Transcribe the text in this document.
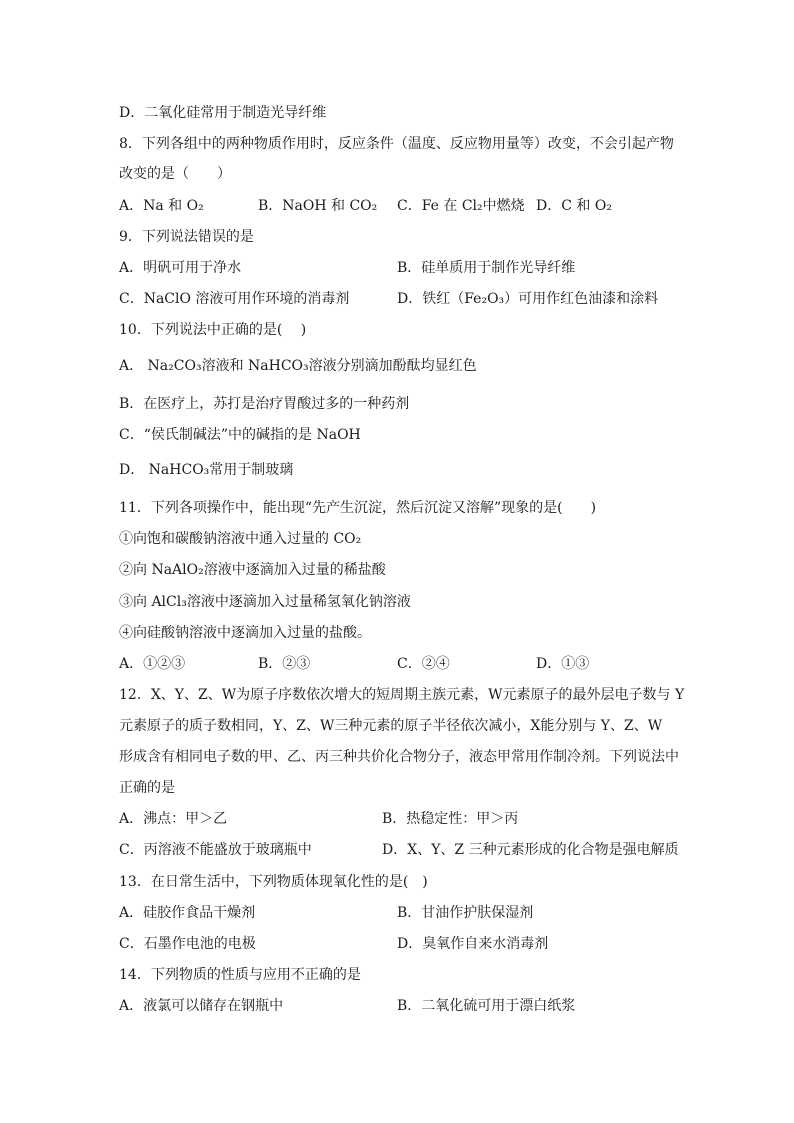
D．二氧化硅常用于制造光导纤维
8．下列各组中的两种物质作用时，反应条件（温度、反应物用量等）改变，不会引起产物
改变的是（　　）
A．Na 和 O₂	B．NaOH 和 CO₂ C．Fe 在 Cl₂中燃烧 D．C 和 O₂
9．下列说法错误的是
A．明矾可用于净水	B．硅单质用于制作光导纤维
C．NaClO 溶液可用作环境的消毒剂	D．铁红（Fe₂O₃）可用作红色油漆和涂料
10．下列说法中正确的是(　 )
A． Na₂CO₃溶液和 NaHCO₃溶液分别滴加酚酞均显红色
B．在医疗上，苏打是治疗胃酸过多的一种药剂
C．“侯氏制碱法”中的碱指的是 NaOH
D． NaHCO₃常用于制玻璃
11．下列各项操作中，能出现“先产生沉淀，然后沉淀又溶解”现象的是(　　)
①向饱和碳酸钠溶液中通入过量的 CO₂
②向 NaAlO₂溶液中逐滴加入过量的稀盐酸
③向 AlCl₃溶液中逐滴加入过量稀氢氧化钠溶液
④向硅酸钠溶液中逐滴加入过量的盐酸。
A．①②③	B．②③	C．②④	D．①③
12．X、Y、Z、W为原子序数依次增大的短周期主族元素，W元素原子的最外层电子数与 Y
元素原子的质子数相同，Y、Z、W三种元素的原子半径依次减小，X能分别与 Y、Z、W
形成含有相同电子数的甲、乙、丙三种共价化合物分子，液态甲常用作制冷剂。下列说法中
正确的是
A．沸点：甲＞乙	B．热稳定性：甲＞丙
C．丙溶液不能盛放于玻璃瓶中	D．X、Y、Z 三种元素形成的化合物是强电解质
13．在日常生活中，下列物质体现氧化性的是(　)
A．硅胶作食品干燥剂	B．甘油作护肤保湿剂
C．石墨作电池的电极	D．臭氧作自来水消毒剂
14．下列物质的性质与应用不正确的是
A．液氯可以储存在钢瓶中	B．二氧化硫可用于漂白纸浆
